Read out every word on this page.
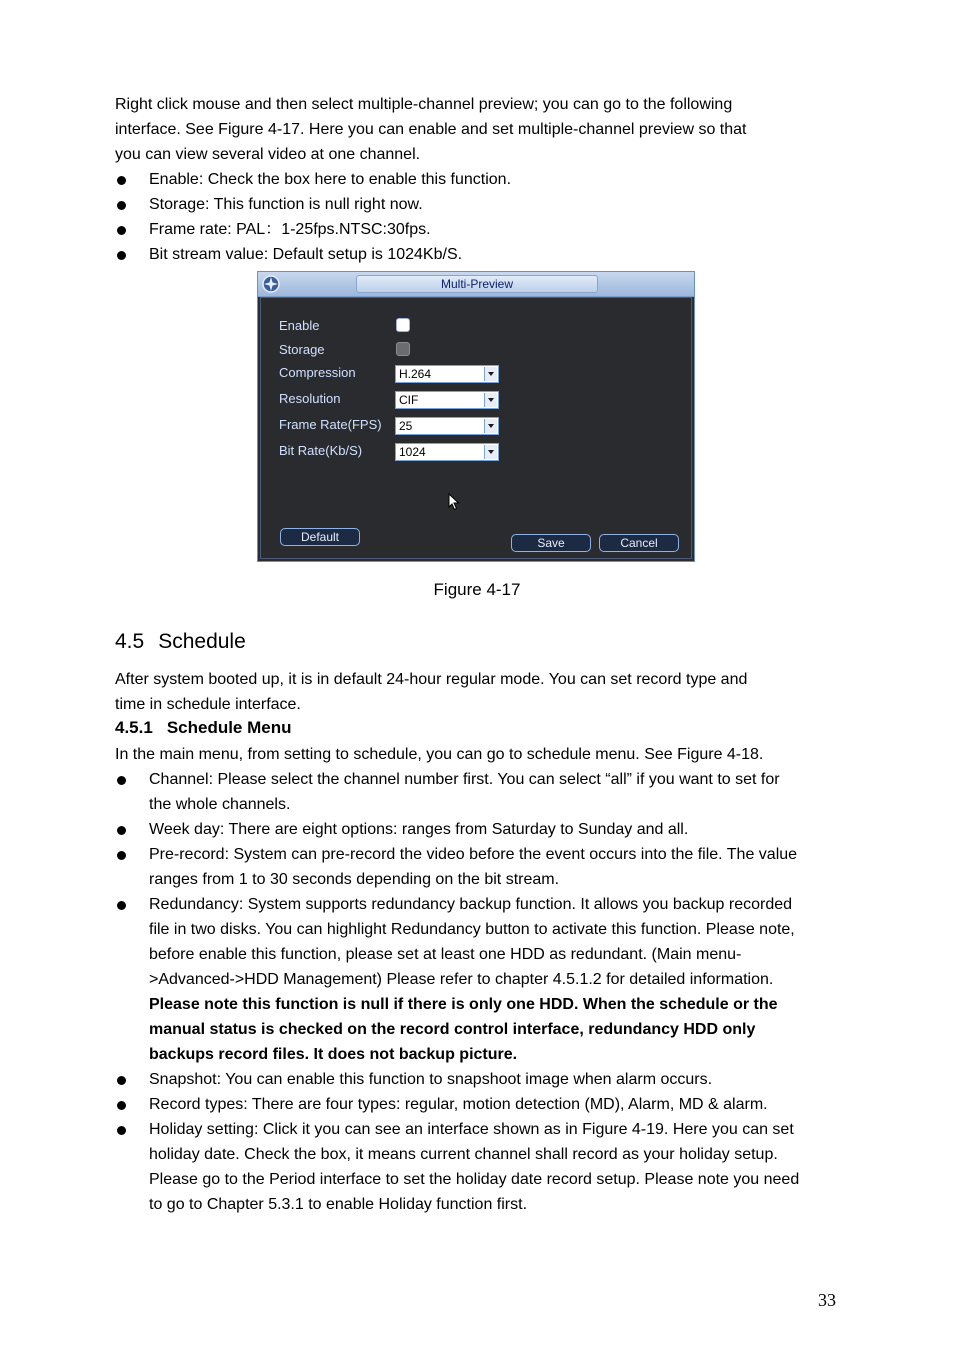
Right click mouse and then select multiple-channel preview; you can go to the following
interface. See Figure 4-17. Here you can enable and set multiple-channel preview so that
you can view several video at one channel.
Enable: Check the box here to enable this function.
Storage: This function is null right now.
Frame rate: PAL：1-25fps.NTSC:30fps.
Bit stream value: Default setup is 1024Kb/S.
Multi-Preview
Enable
Storage
Compression	H.264
Resolution	CIF
Frame Rate(FPS) 25
Bit Rate(Kb/S)	1024
Default	Save	Cancel
Figure 4-17
4.5 Schedule
After system booted up, it is in default 24-hour regular mode. You can set record type and
time in schedule interface.
4.5.1 Schedule Menu
In the main menu, from setting to schedule, you can go to schedule menu. See Figure 4-18.
Channel: Please select the channel number first. You can select “all” if you want to set for
the whole channels.
Week day: There are eight options: ranges from Saturday to Sunday and all.
Pre-record: System can pre-record the video before the event occurs into the file. The value
ranges from 1 to 30 seconds depending on the bit stream.
Redundancy: System supports redundancy backup function. It allows you backup recorded
file in two disks. You can highlight Redundancy button to activate this function. Please note,
before enable this function, please set at least one HDD as redundant. (Main menu-
>Advanced->HDD Management) Please refer to chapter 4.5.1.2 for detailed information.
Please note this function is null if there is only one HDD. When the schedule or the
manual status is checked on the record control interface, redundancy HDD only
backups record files. It does not backup picture.
Snapshot: You can enable this function to snapshoot image when alarm occurs.
Record types: There are four types: regular, motion detection (MD), Alarm, MD & alarm.
Holiday setting: Click it you can see an interface shown as in Figure 4-19. Here you can set
holiday date. Check the box, it means current channel shall record as your holiday setup.
Please go to the Period interface to set the holiday date record setup. Please note you need
to go to Chapter 5.3.1 to enable Holiday function first.
33
